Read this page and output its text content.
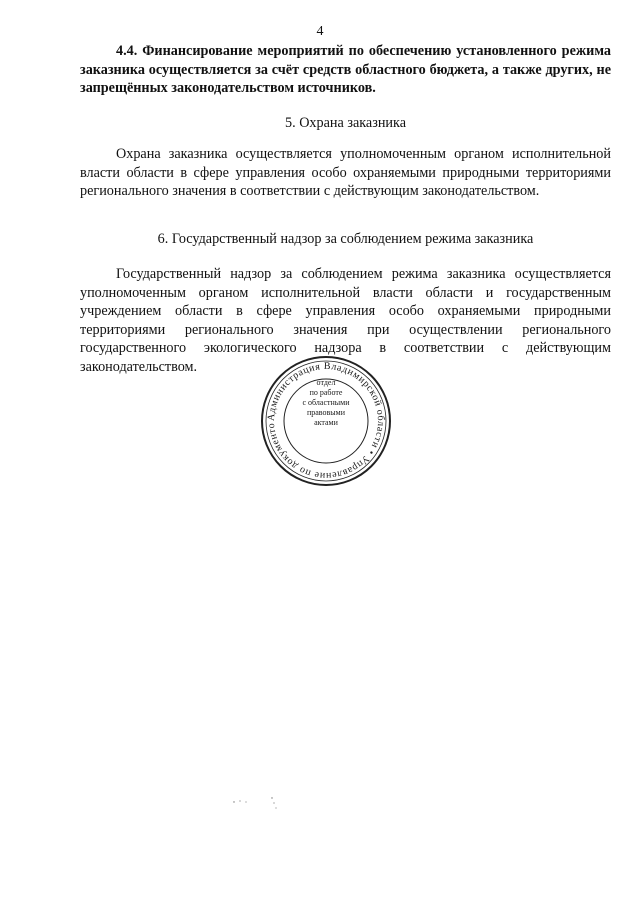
4

4.4. Финансирование мероприятий по обеспечению установленного режима заказника осуществляется за счёт средств областного бюджета, а также других, не запрещённых законодательством источников.

5. Охрана заказника

Охрана заказника осуществляется уполномоченным органом исполнительной власти области в сфере управления особо охраняемыми природными территориями регионального значения в соответствии с действующим законодательством.

6. Государственный надзор за соблюдением режима заказника

Государственный надзор за соблюдением режима заказника осуществляется уполномоченным органом исполнительной власти области и государственным учреждением области в сфере управления особо охраняемыми природными территориями регионального значения при осуществлении регионального государственного экологического надзора в соответствии с действующим законодательством.

Администрация Владимирской области • Управление по документо
отдел
по работе
с областными
правовыми
актами
